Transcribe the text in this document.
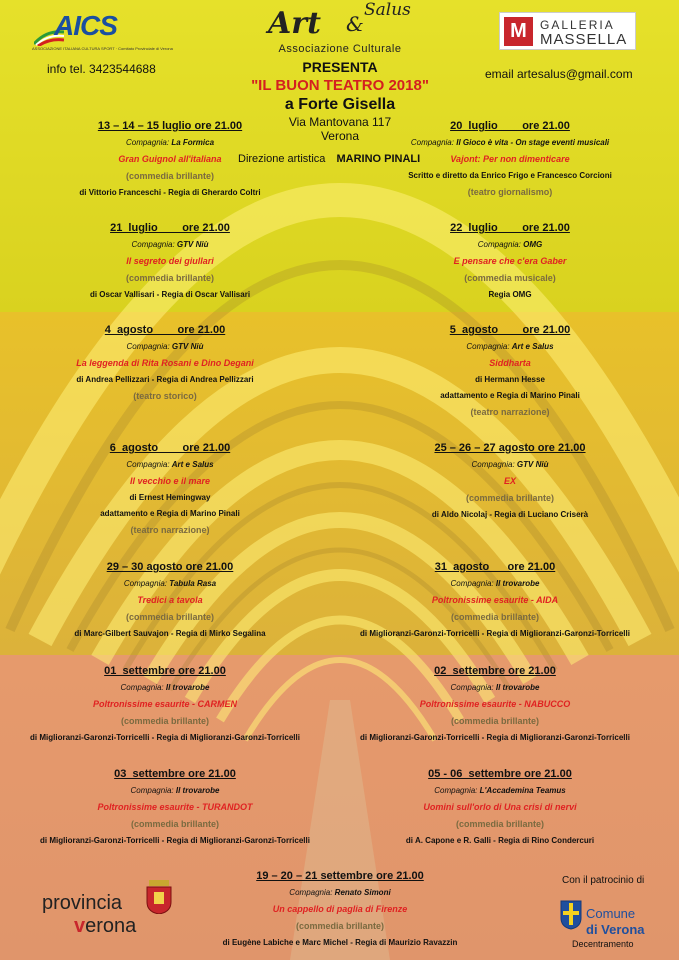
AICS
ASSOCIAZIONE ITALIANA CULTURA SPORT · Comitato Provinciale di Verona
info tel. 3423544688
Art &
Salus
Associazione Culturale
PRESENTA
"IL BUON TEATRO 2018"
a Forte Gisella
Via Mantovana 117
Verona
M	GALLERIA
MASSELLA
email artesalus@gmail.com
Direzione artistica MARINO PINALI
13 – 14 – 15 luglio ore 21.00
Compagnia: La Formica
Gran Guignol all'italiana
(commedia brillante)
di Vittorio Franceschi - Regia di Gherardo Coltri
20  luglio        ore 21.00
Compagnia: Il Gioco è vita - On stage eventi musicali
Vajont: Per non dimenticare
Scritto e diretto da Enrico Frigo e Francesco Corcioni
(teatro giornalismo)
21  luglio        ore 21.00
Compagnia: GTV Niù
Il segreto dei giullari
(commedia brillante)
di Oscar Vallisari - Regia di Oscar Vallisari
22  luglio        ore 21.00
Compagnia: OMG
E pensare che c'era Gaber
(commedia musicale)
Regia OMG
4  agosto        ore 21.00
Compagnia: GTV Niù
La leggenda di Rita Rosani e Dino Degani
di Andrea Pellizzari - Regia di Andrea Pellizzari
(teatro storico)
5  agosto        ore 21.00
Compagnia: Art e Salus
Siddharta
di Hermann Hesse
adattamento e Regia di Marino Pinali
(teatro narrazione)
6  agosto        ore 21.00
Compagnia: Art e Salus
Il vecchio e il mare
di Ernest Hemingway
adattamento e Regia di Marino Pinali
(teatro narrazione)
25 – 26 – 27 agosto ore 21.00
Compagnia: GTV Niù
EX
(commedia brillante)
di Aldo Nicolaj - Regia di Luciano Criserà
29 – 30 agosto ore 21.00
Compagnia: Tabula Rasa
Tredici a tavola
(commedia brillante)
di Marc-Gilbert Sauvajon - Regia di Mirko Segalina
31  agosto      ore 21.00
Compagnia: Il trovarobe
Poltronissime esaurite - AIDA
(commedia brillante)
di Miglioranzi-Garonzi-Torricelli - Regia di Miglioranzi-Garonzi-Torricelli
01  settembre ore 21.00
Compagnia: Il trovarobe
Poltronissime esaurite - CARMEN
(commedia brillante)
di Miglioranzi-Garonzi-Torricelli - Regia di Miglioranzi-Garonzi-Torricelli
02  settembre ore 21.00
Compagnia: Il trovarobe
Poltronissime esaurite - NABUCCO
(commedia brillante)
di Miglioranzi-Garonzi-Torricelli - Regia di Miglioranzi-Garonzi-Torricelli
03  settembre ore 21.00
Compagnia: Il trovarobe
Poltronissime esaurite - TURANDOT
(commedia brillante)
di Miglioranzi-Garonzi-Torricelli - Regia di Miglioranzi-Garonzi-Torricelli
05 - 06  settembre ore 21.00
Compagnia: L'Accademina Teamus
Uomini sull'orlo di Una crisi di nervi
(commedia brillante)
di A. Capone e R. Galli - Regia di Rino Condercuri
19 – 20 – 21 settembre ore 21.00
Compagnia: Renato Simoni
Un cappello di paglia di Firenze
(commedia brillante)
di Eugène Labiche e Marc Michel - Regia di Maurizio Ravazzin
provincia
verona
Con il patrocinio di
Comune
di Verona
Decentramento
